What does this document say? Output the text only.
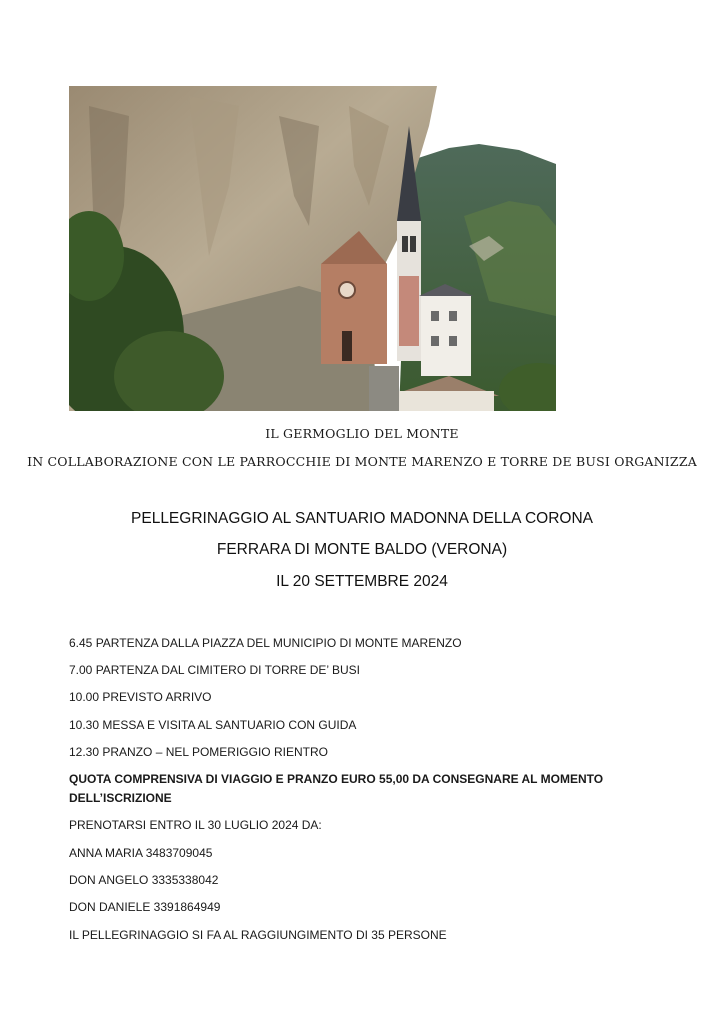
IL GERMOGLIO DEL MONTE
IN COLLABORAZIONE CON LE PARROCCHIE DI MONTE MARENZO E TORRE DE BUSI ORGANIZZA
PELLEGRINAGGIO AL SANTUARIO MADONNA DELLA CORONA
FERRARA DI MONTE BALDO (VERONA)
IL 20 SETTEMBRE 2024
6.45 PARTENZA DALLA PIAZZA DEL MUNICIPIO DI MONTE MARENZO
7.00 PARTENZA DAL CIMITERO DI TORRE DE’ BUSI
10.00 PREVISTO ARRIVO
10.30 MESSA E VISITA AL SANTUARIO CON GUIDA
12.30 PRANZO – NEL POMERIGGIO RIENTRO
QUOTA COMPRENSIVA DI VIAGGIO E PRANZO EURO 55,00 DA CONSEGNARE AL MOMENTO DELL’ISCRIZIONE
PRENOTARSI ENTRO IL 30 LUGLIO 2024 DA:
ANNA MARIA 3483709045
DON ANGELO 3335338042
DON DANIELE 3391864949
IL PELLEGRINAGGIO SI FA AL RAGGIUNGIMENTO DI 35 PERSONE
